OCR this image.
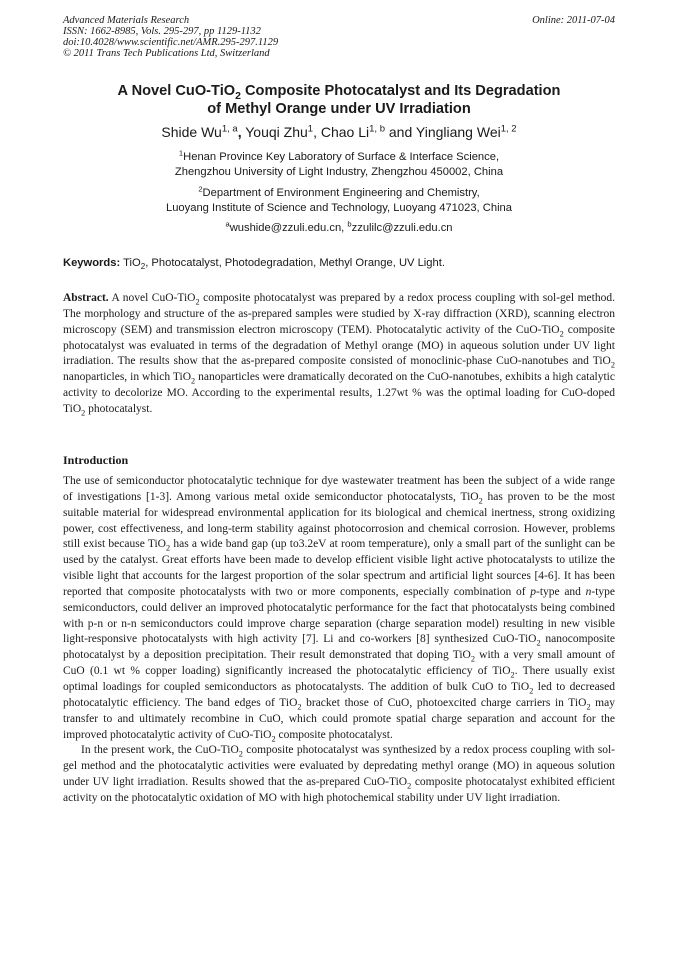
Advanced Materials Research
ISSN: 1662-8985, Vols. 295-297, pp 1129-1132
doi:10.4028/www.scientific.net/AMR.295-297.1129
© 2011 Trans Tech Publications Ltd, Switzerland
Online: 2011-07-04
A Novel CuO-TiO$_2$ Composite Photocatalyst and Its Degradation
of Methyl Orange under UV Irradiation
Shide Wu$^{1, a}$, Youqi Zhu$^1$, Chao Li$^{1, b}$ and Yingliang Wei$^{1, 2}$
$^1$Henan Province Key Laboratory of Surface & Interface Science,
Zhengzhou University of Light Industry, Zhengzhou 450002, China
$^2$Department of Environment Engineering and Chemistry,
Luoyang Institute of Science and Technology, Luoyang 471023, China
$^a$wushide@zzuli.edu.cn, $^b$zzulilc@zzuli.edu.cn
Keywords: TiO$_2$, Photocatalyst, Photodegradation, Methyl Orange, UV Light.
Abstract. A novel CuO-TiO$_2$ composite photocatalyst was prepared by a redox process coupling with sol-gel method. The morphology and structure of the as-prepared samples were studied by X-ray diffraction (XRD), scanning electron microscopy (SEM) and transmission electron microscopy (TEM). Photocatalytic activity of the CuO-TiO$_2$ composite photocatalyst was evaluated in terms of the degradation of Methyl orange (MO) in aqueous solution under UV light irradiation. The results show that the as-prepared composite consisted of monoclinic-phase CuO-nanotubes and TiO$_2$ nanoparticles, in which TiO$_2$ nanoparticles were dramatically decorated on the CuO-nanotubes, exhibits a high catalytic activity to decolorize MO. According to the experimental results, 1.27wt % was the optimal loading for CuO-doped TiO$_2$ photocatalyst.
Introduction

The use of semiconductor photocatalytic technique for dye wastewater treatment has been the subject of a wide range of investigations [1-3]. Among various metal oxide semiconductor photocatalysts, TiO$_2$ has proven to be the most suitable material for widespread environmental application for its biological and chemical inertness, strong oxidizing power, cost effectiveness, and long-term stability against photocorrosion and chemical corrosion. However, problems still exist because TiO$_2$ has a wide band gap (up to3.2eV at room temperature), only a small part of the sunlight can be used by the catalyst. Great efforts have been made to develop efficient visible light active photocatalysts to utilize the visible light that accounts for the largest proportion of the solar spectrum and artificial light sources [4-6]. It has been reported that composite photocatalysts with two or more components, especially combination of p-type and n-type semiconductors, could deliver an improved photocatalytic performance for the fact that photocatalysts being combined with p-n or n-n semiconductors could improve charge separation (charge separation model) resulting in new visible light-responsive photocatalysts with high activity [7]. Li and co-workers [8] synthesized CuO-TiO$_2$ nanocomposite photocatalyst by a deposition precipitation. Their result demonstrated that doping TiO$_2$ with a very small amount of CuO (0.1 wt % copper loading) significantly increased the photocatalytic efficiency of TiO$_2$. There usually exist optimal loadings for coupled semiconductors as photocatalysts. The addition of bulk CuO to TiO$_2$ led to decreased photocatalytic efficiency. The band edges of TiO$_2$ bracket those of CuO, photoexcited charge carriers in TiO$_2$ may transfer to and ultimately recombine in CuO, which could promote spatial charge separation and account for the improved photocatalytic activity of CuO-TiO$_2$ composite photocatalyst.

In the present work, the CuO-TiO$_2$ composite photocatalyst was synthesized by a redox process coupling with sol-gel method and the photocatalytic activities were evaluated by depredating methyl orange (MO) in aqueous solution under UV light irradiation. Results showed that the as-prepared CuO-TiO$_2$ composite photocatalyst exhibited efficient activity on the photocatalytic oxidation of MO with high photochemical stability under UV light irradiation.
